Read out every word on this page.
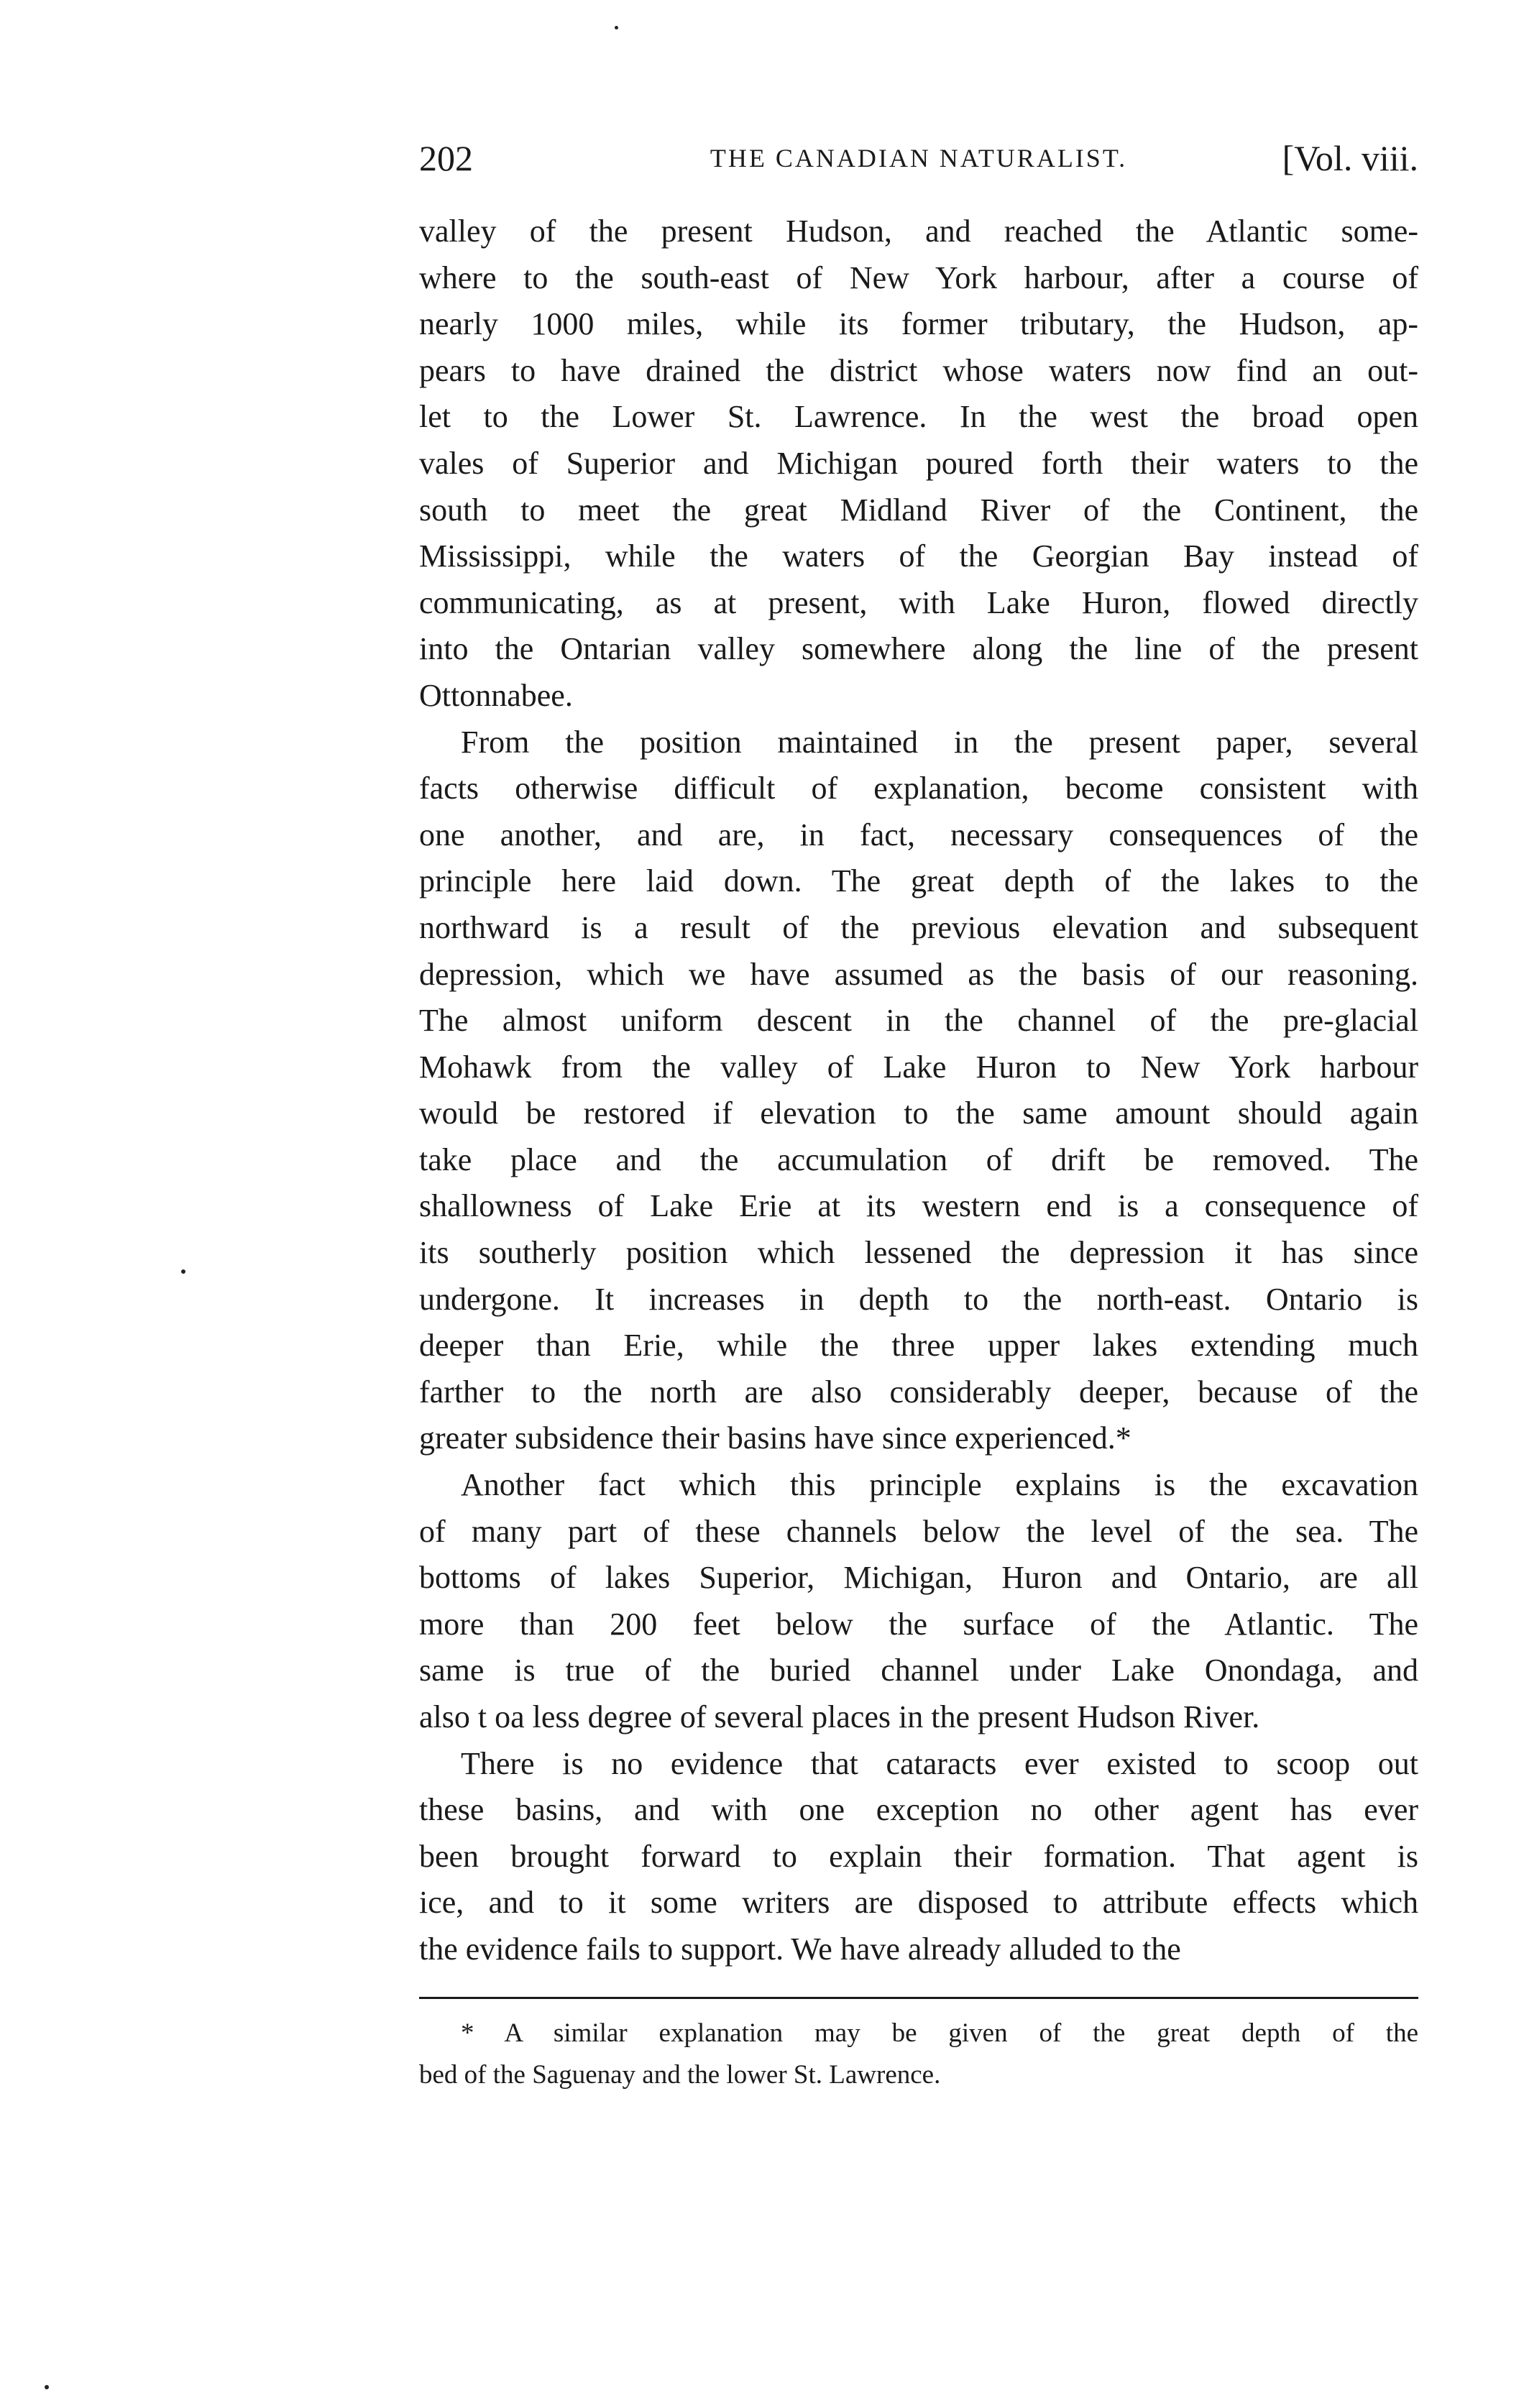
202	THE CANADIAN NATURALIST.	[Vol. viii.
valley of the present Hudson, and reached the Atlantic some-
where to the south-east of New York harbour, after a course of
nearly 1000 miles, while its former tributary, the Hudson, ap-
pears to have drained the district whose waters now find an out-
let to the Lower St. Lawrence. In the west the broad open
vales of Superior and Michigan poured forth their waters to the
south to meet the great Midland River of the Continent, the
Mississippi, while the waters of the Georgian Bay instead of
communicating, as at present, with Lake Huron, flowed directly
into the Ontarian valley somewhere along the line of the present
Ottonnabee.
From the position maintained in the present paper, several
facts otherwise difficult of explanation, become consistent with
one another, and are, in fact, necessary consequences of the
principle here laid down. The great depth of the lakes to the
northward is a result of the previous elevation and subsequent
depression, which we have assumed as the basis of our reasoning.
The almost uniform descent in the channel of the pre-glacial
Mohawk from the valley of Lake Huron to New York harbour
would be restored if elevation to the same amount should again
take place and the accumulation of drift be removed. The
shallowness of Lake Erie at its western end is a consequence of
its southerly position which lessened the depression it has since
undergone. It increases in depth to the north-east. Ontario is
deeper than Erie, while the three upper lakes extending much
farther to the north are also considerably deeper, because of the
greater subsidence their basins have since experienced.*
Another fact which this principle explains is the excavation
of many part of these channels below the level of the sea. The
bottoms of lakes Superior, Michigan, Huron and Ontario, are all
more than 200 feet below the surface of the Atlantic. The
same is true of the buried channel under Lake Onondaga, and
also t oa less degree of several places in the present Hudson River.
There is no evidence that cataracts ever existed to scoop out
these basins, and with one exception no other agent has ever
been brought forward to explain their formation. That agent is
ice, and to it some writers are disposed to attribute effects which
the evidence fails to support. We have already alluded to the
* A similar explanation may be given of the great depth of the
bed of the Saguenay and the lower St. Lawrence.
